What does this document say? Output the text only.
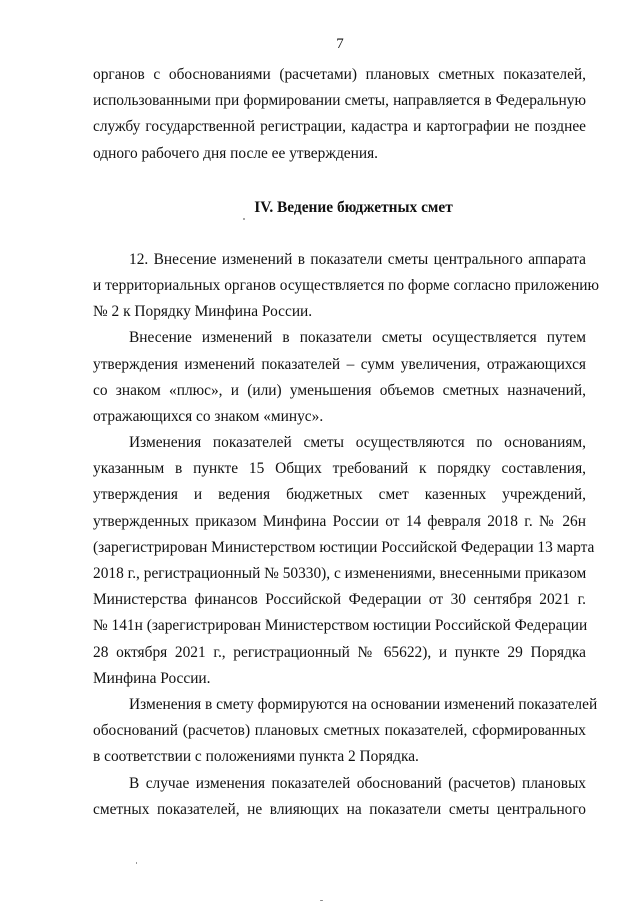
7
органов с обоснованиями (расчетами) плановых сметных показателей,
использованными при формировании сметы, направляется в Федеральную
службу государственной регистрации, кадастра и картографии не позднее
одного рабочего дня после ее утверждения.
IV. Ведение бюджетных смет
12. Внесение изменений в показатели сметы центрального аппарата
и территориальных органов осуществляется по форме согласно приложению
№ 2 к Порядку Минфина России.
Внесение изменений в показатели сметы осуществляется путем
утверждения изменений показателей – сумм увеличения, отражающихся
со знаком «плюс», и (или) уменьшения объемов сметных назначений,
отражающихся со знаком «минус».
Изменения показателей сметы осуществляются по основаниям,
указанным в пункте 15 Общих требований к порядку составления,
утверждения и ведения бюджетных смет казенных учреждений,
утвержденных приказом Минфина России от 14 февраля 2018 г. № 26н
(зарегистрирован Министерством юстиции Российской Федерации 13 марта
2018 г., регистрационный № 50330), с изменениями, внесенными приказом
Министерства финансов Российской Федерации от 30 сентября 2021 г.
№ 141н (зарегистрирован Министерством юстиции Российской Федерации
28 октября 2021 г., регистрационный № 65622), и пункте 29 Порядка
Минфина России.
Изменения в смету формируются на основании изменений показателей
обоснований (расчетов) плановых сметных показателей, сформированных
в соответствии с положениями пункта 2 Порядка.
В случае изменения показателей обоснований (расчетов) плановых
сметных показателей, не влияющих на показатели сметы центрального
